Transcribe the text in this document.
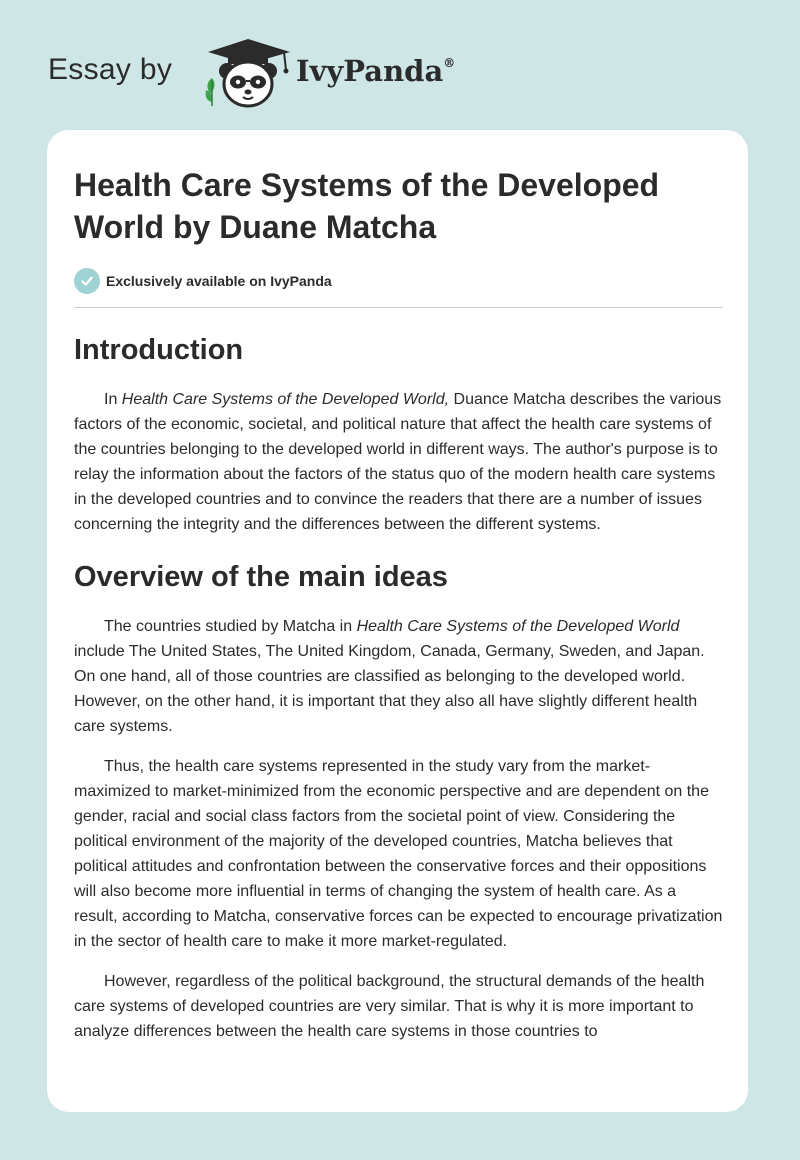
Essay by	IvyPanda®
Health Care Systems of the Developed
World by Duane Matcha
Exclusively available on IvyPanda
Introduction

In Health Care Systems of the Developed World, Duance Matcha describes the various factors of the economic, societal, and political nature that affect the health care systems of the countries belonging to the developed world in different ways. The author's purpose is to relay the information about the factors of the status quo of the modern health care systems in the developed countries and to convince the readers that there are a number of issues concerning the integrity and the differences between the different systems.

Overview of the main ideas

The countries studied by Matcha in Health Care Systems of the Developed World include The United States, The United Kingdom, Canada, Germany, Sweden, and Japan. On one hand, all of those countries are classified as belonging to the developed world. However, on the other hand, it is important that they also all have slightly different health care systems.

Thus, the health care systems represented in the study vary from the market-maximized to market-minimized from the economic perspective and are dependent on the gender, racial and social class factors from the societal point of view. Considering the political environment of the majority of the developed countries, Matcha believes that political attitudes and confrontation between the conservative forces and their oppositions will also become more influential in terms of changing the system of health care. As a result, according to Matcha, conservative forces can be expected to encourage privatization in the sector of health care to make it more market-regulated.

However, regardless of the political background, the structural demands of the health care systems of developed countries are very similar. That is why it is more important to analyze differences between the health care systems in those countries to
